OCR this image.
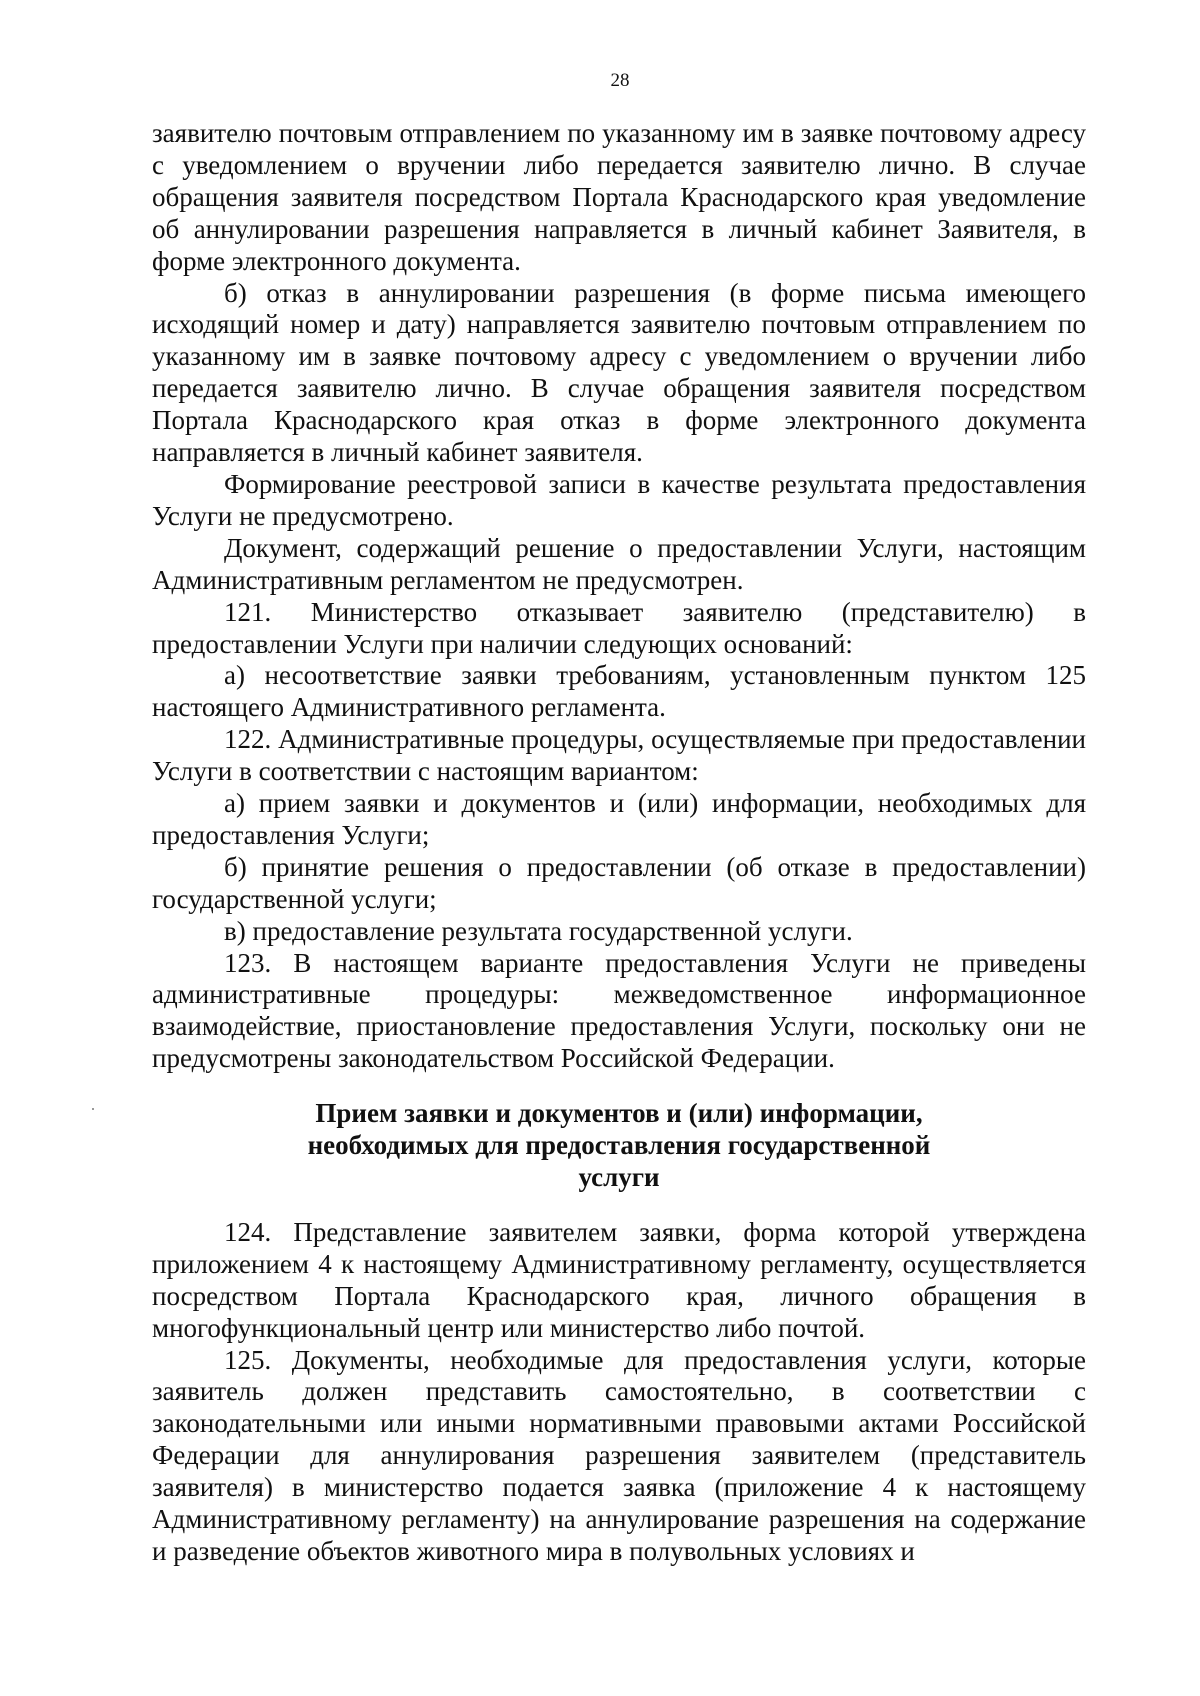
28

заявителю почтовым отправлением по указанному им в заявке почтовому адресу с уведомлением о вручении либо передается заявителю лично. В случае обращения заявителя посредством Портала Краснодарского края уведомление об аннулировании разрешения направляется в личный кабинет Заявителя, в форме электронного документа.

б) отказ в аннулировании разрешения (в форме письма имеющего исходящий номер и дату) направляется заявителю почтовым отправлением по указанному им в заявке почтовому адресу с уведомлением о вручении либо передается заявителю лично. В случае обращения заявителя посредством Портала Краснодарского края отказ в форме электронного документа направляется в личный кабинет заявителя.

Формирование реестровой записи в качестве результата предоставления Услуги не предусмотрено.

Документ, содержащий решение о предоставлении Услуги, настоящим Административным регламентом не предусмотрен.

121. Министерство отказывает заявителю (представителю) в предоставлении Услуги при наличии следующих оснований:

а) несоответствие заявки требованиям, установленным пунктом 125 настоящего Административного регламента.

122. Административные процедуры, осуществляемые при предоставлении Услуги в соответствии с настоящим вариантом:

а) прием заявки и документов и (или) информации, необходимых для предоставления Услуги;

б) принятие решения о предоставлении (об отказе в предоставлении) государственной услуги;

в) предоставление результата государственной услуги.

123. В настоящем варианте предоставления Услуги не приведены административные процедуры: межведомственное информационное взаимодействие, приостановление предоставления Услуги, поскольку они не предусмотрены законодательством Российской Федерации.

Прием заявки и документов и (или) информации,
необходимых для предоставления государственной
услуги

124. Представление заявителем заявки, форма которой утверждена приложением 4 к настоящему Административному регламенту, осуществляется посредством Портала Краснодарского края, личного обращения в многофункциональный центр или министерство либо почтой.

125. Документы, необходимые для предоставления услуги, которые заявитель должен представить самостоятельно, в соответствии с законодательными или иными нормативными правовыми актами Российской Федерации для аннулирования разрешения заявителем (представитель заявителя) в министерство подается заявка (приложение 4 к настоящему Административному регламенту) на аннулирование разрешения на содержание и разведение объектов животного мира в полувольных условиях и
